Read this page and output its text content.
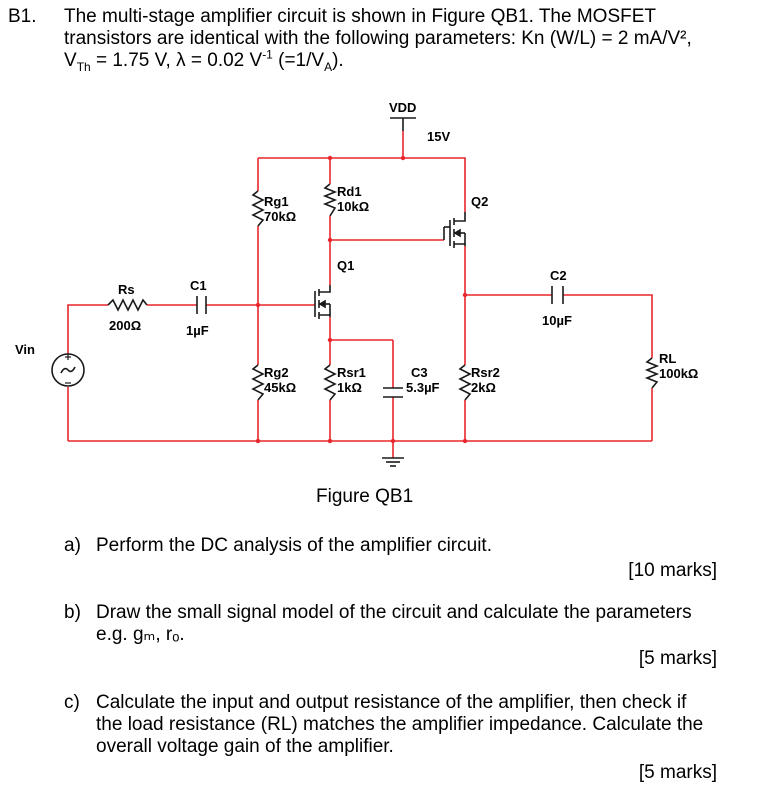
B1. The multi-stage amplifier circuit is shown in Figure QB1. The MOSFET
transistors are identical with the following parameters: Kn (W/L) = 2 mA/V²,
$V_{Th} = 1.75$ V, λ = 0.02 $V^{-1}$ $(=1/V_A)$.
VDD
15V
Vin
Rs
200Ω
C1
1µF
Rg1
70kΩ
Rd1
10kΩ
Q1
Q2
Rg2
45kΩ
Rsr1
1kΩ
C3
5.3µF
Rsr2
2kΩ
C2
10µF
RL
100kΩ
Figure QB1
a) Perform the DC analysis of the amplifier circuit.
[10 marks]
b) Draw the small signal model of the circuit and calculate the parameters
e.g. gₘ, rₒ.
[5 marks]
c) Calculate the input and output resistance of the amplifier, then check if
the load resistance (RL) matches the amplifier impedance. Calculate the
overall voltage gain of the amplifier.
[5 marks]
